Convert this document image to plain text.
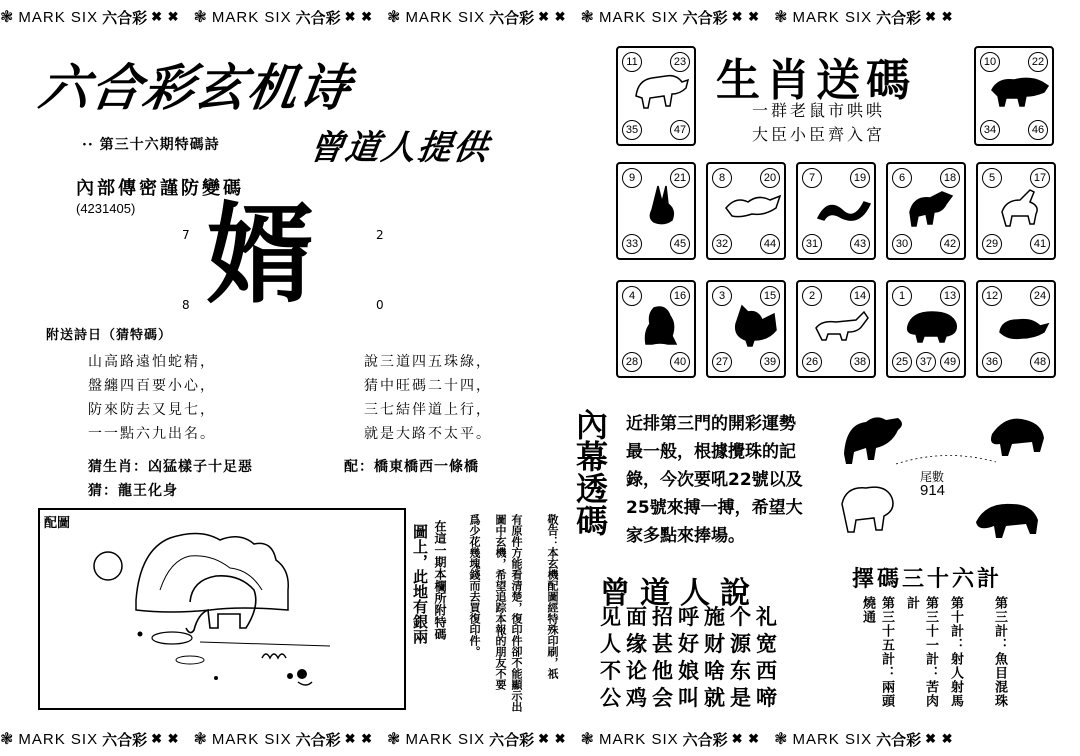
❃ MARK SIX 六合彩 ✖ ✖ ❃ MARK SIX 六合彩 ✖ ✖ ❃ MARK SIX 六合彩 ✖ ✖ ❃ MARK SIX 六合彩 ✖ ✖ ❃ MARK SIX 六合彩 ✖ ✖
❃ MARK SIX 六合彩 ✖ ✖ ❃ MARK SIX 六合彩 ✖ ✖ ❃ MARK SIX 六合彩 ✖ ✖ ❃ MARK SIX 六合彩 ✖ ✖ ❃ MARK SIX 六合彩 ✖ ✖
六合彩玄机诗
·· 第三十六期特碼詩	曾道人提供
內部傳密謹防變碼
(4231405)
7	2
8	0
婿
附送詩日（猜特碼）
山高路遠怕蛇精，
盤纏四百要小心，
防來防去又見七，
一一點六九出名。
說三道四五珠綠，
猜中旺碼二十四，
三七結伴道上行，
就是大路不太平。
猜生肖：凶猛樣子十足惡	配：橋東橋西一條橋
猜：龍王化身
配圖
圖上，此地有銀兩 在這一期本欄所附特碼 爲少花幾塊錢而去買復印件。	有原件方能看清楚，復印件卻不能顯示出圖中玄機，希望追踪本報的朋友不要	敬告：本玄機配圖經特殊印刷，祇
生肖送碼
一群老鼠市哄哄
大臣小臣齊入宮
11	23
35	47
10	22
34	46
9	21
33	45
8	20
32	44
7	19
31	43
6	18
30	42
5	17
29	41
4	16
28	40
3	15
27	39
2	14
26	38
1	13
25	37	49
12	24
36	48
內幕透碼 近排第三門的開彩運勢
最一般，根據攪珠的記
錄，今次要吼22號以及
25號來搏一搏，希望大
家多點來捧場。
尾數
914
曾道人說
见面招呼施个礼
人缘甚好财源宽
不论他娘啥东西
公鸡会叫就是啼
擇碼三十六計
第三計：魚目混珠
第十計：射人射馬
第三十一計：苦肉計
第三十五計：兩頭燒通
